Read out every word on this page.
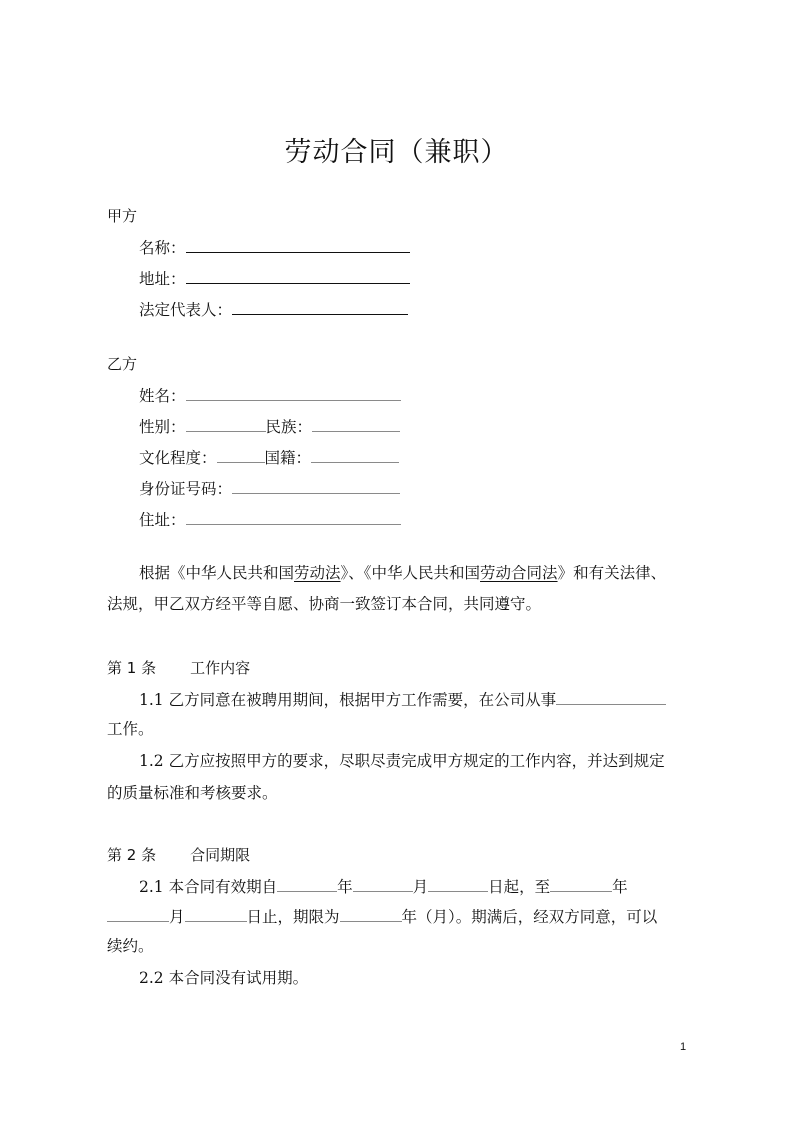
劳动合同（兼职）
甲方
名称：
地址：
法定代表人：
乙方
姓名：
性别：	民族：
文化程度：	国籍：
身份证号码：
住址：
根据《中华人民共和国劳动法》、《中华人民共和国劳动合同法》和有关法律、
法规，甲乙双方经平等自愿、协商一致签订本合同，共同遵守。
第 1 条 工作内容
1.1 乙方同意在被聘用期间，根据甲方工作需要，在公司从事
工作。
1.2 乙方应按照甲方的要求，尽职尽责完成甲方规定的工作内容，并达到规定
的质量标准和考核要求。
第 2 条 合同期限
2.1 本合同有效期自	年	月	日起，至	年
月	日止，期限为	年（月）。期满后，经双方同意，可以
续约。
2.2 本合同没有试用期。
1
